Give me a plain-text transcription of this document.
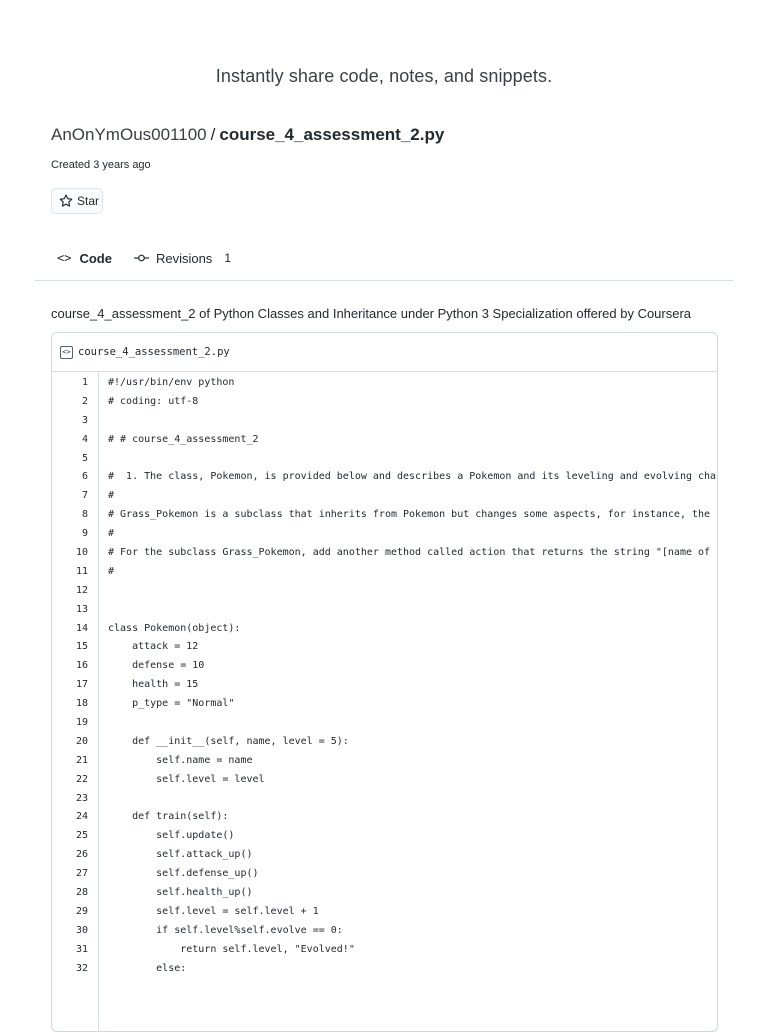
Instantly share code, notes, and snippets.
AnOnYmOus001100 / course_4_assessment_2.py
Created 3 years ago
Star
<> Code	Revisions 1
course_4_assessment_2 of Python Classes and Inheritance under Python 3 Specialization offered by Coursera
<> course_4_assessment_2.py
1	#!/usr/bin/env python
2	# coding: utf-8
3
4	# # course_4_assessment_2
5
6	#  1. The class, Pokemon, is provided below and describes a Pokemon and its leveling and evolving cha
7	#
8	# Grass_Pokemon is a subclass that inherits from Pokemon but changes some aspects, for instance, the
9	#
10	# For the subclass Grass_Pokemon, add another method called action that returns the string "[name of
11	#
12
13
14	class Pokemon(object):
15	attack = 12
16	defense = 10
17	health = 15
18	p_type = "Normal"
19
20	def __init__(self, name, level = 5):
21	self.name = name
22	self.level = level
23
24	def train(self):
25	self.update()
26	self.attack_up()
27	self.defense_up()
28	self.health_up()
29	self.level = self.level + 1
30	if self.level%self.evolve == 0:
31	return self.level, "Evolved!"
32	else:
